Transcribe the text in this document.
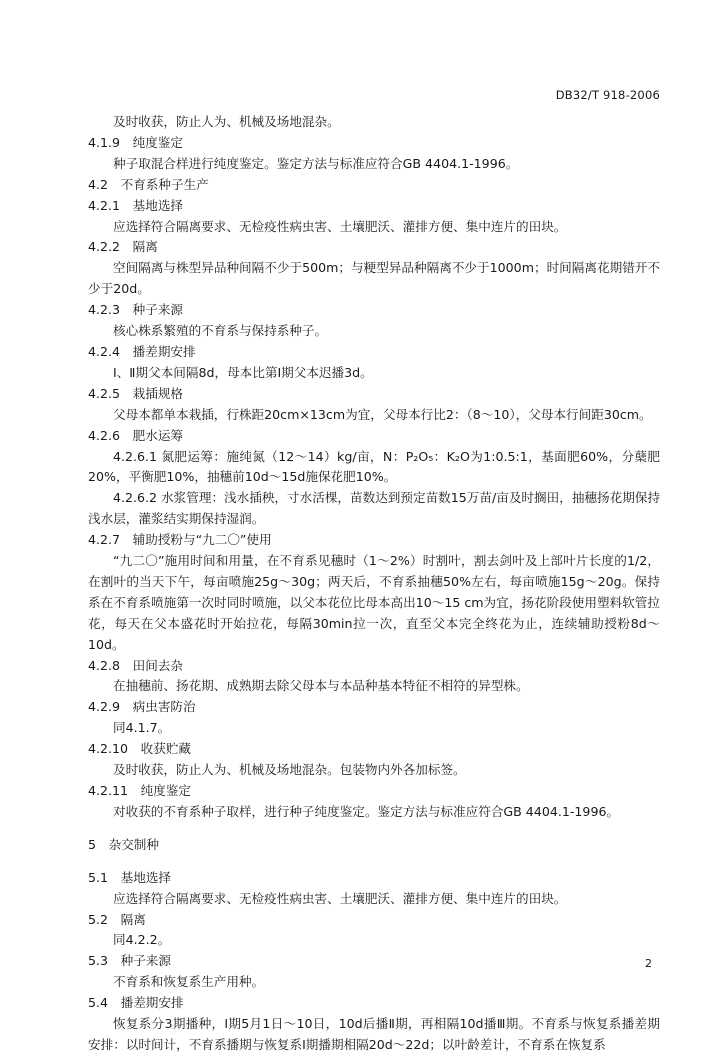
DB32/T 918-2006
及时收获，防止人为、机械及场地混杂。
4.1.9　纯度鉴定
种子取混合样进行纯度鉴定。鉴定方法与标准应符合GB 4404.1-1996。
4.2　不育系种子生产
4.2.1　基地选择
应选择符合隔离要求、无检疫性病虫害、土壤肥沃、灌排方便、集中连片的田块。
4.2.2　隔离
空间隔离与株型异品种间隔不少于500m；与粳型异品种隔离不少于1000m；时间隔离花期错开不少于20d。
4.2.3　种子来源
核心株系繁殖的不育系与保持系种子。
4.2.4　播差期安排
Ⅰ、Ⅱ期父本间隔8d，母本比第Ⅰ期父本迟播3d。
4.2.5　栽插规格
父母本都单本栽插，行株距20cm×13cm为宜，父母本行比2：（8～10），父母本行间距30cm。
4.2.6　肥水运筹
4.2.6.1 氮肥运筹：施纯氮（12～14）kg/亩，N：P₂O₅：K₂O为1:0.5:1，基面肥60%，分蘖肥20%，平衡肥10%，抽穗前10d～15d施保花肥10%。
4.2.6.2 水浆管理：浅水插秧，寸水活棵，苗数达到预定苗数15万苗/亩及时搁田，抽穗扬花期保持浅水层，灌浆结实期保持湿润。
4.2.7　辅助授粉与“九二〇”使用
“九二〇”施用时间和用量，在不育系见穗时（1～2%）时割叶，割去剑叶及上部叶片长度的1/2，在割叶的当天下午，每亩喷施25g～30g；两天后，不育系抽穗50%左右，每亩喷施15g～20g。保持系在不育系喷施第一次时同时喷施，以父本花位比母本高出10～15 cm为宜，扬花阶段使用塑料软管拉花，每天在父本盛花时开始拉花，每隔30min拉一次，直至父本完全终花为止，连续辅助授粉8d～10d。
4.2.8　田间去杂
在抽穗前、扬花期、成熟期去除父母本与本品种基本特征不相符的异型株。
4.2.9　病虫害防治
同4.1.7。
4.2.10　收获贮藏
及时收获，防止人为、机械及场地混杂。包装物内外各加标签。
4.2.11　纯度鉴定
对收获的不育系种子取样，进行种子纯度鉴定。鉴定方法与标准应符合GB 4404.1-1996。
5　杂交制种
5.1　基地选择
应选择符合隔离要求、无检疫性病虫害、土壤肥沃、灌排方便、集中连片的田块。
5.2　隔离
同4.2.2。
5.3　种子来源
不育系和恢复系生产用种。
5.4　播差期安排
恢复系分3期播种，Ⅰ期5月1日～10日，10d后播Ⅱ期，再相隔10d播Ⅲ期。不育系与恢复系播差期安排：以时间计，不育系播期与恢复系Ⅰ期播期相隔20d～22d；以叶龄差计，不育系在恢复系
2
